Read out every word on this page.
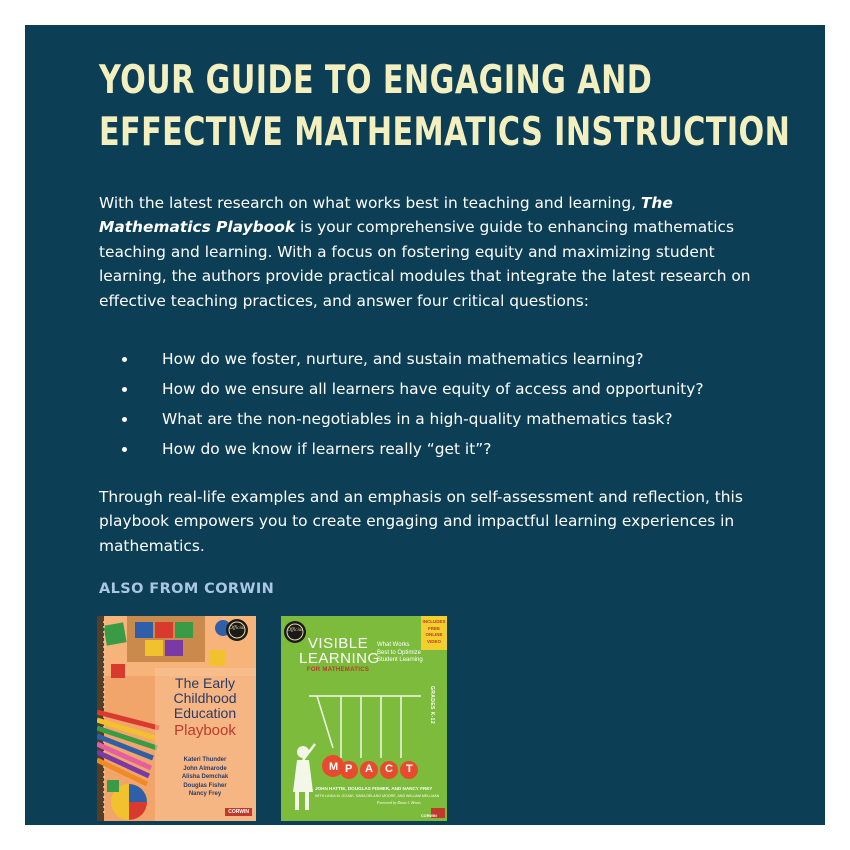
YOUR GUIDE TO ENGAGING AND
EFFECTIVE MATHEMATICS INSTRUCTION

With the latest research on what works best in teaching and learning, The Mathematics Playbook is your comprehensive guide to enhancing mathematics teaching and learning. With a focus on fostering equity and maximizing student learning, the authors provide practical modules that integrate the latest research on effective teaching practices, and answer four critical questions:

How do we foster, nurture, and sustain mathematics learning?
How do we ensure all learners have equity of access and opportunity?
What are the non-negotiables in a high-quality mathematics task?
How do we know if learners really “get it”?

Through real-life examples and an emphasis on self-assessment and reflection, this playbook empowers you to create engaging and impactful learning experiences in mathematics.

ALSO FROM CORWIN
The Early
Childhood
Education
Playbook
Kateri Thunder
John Almarode
Alisha Demchak
Douglas Fisher
Nancy Frey
CORWIN
Official
VISIBLE
LEARNING
FOR MATHEMATICS
What Works
Best to Optimize
Student Learning
INCLUDES
FREE
ONLINE
VIDEO
GRADES K-12
M P A C T
JOHN HATTIE, DOUGLAS FISHER, AND NANCY FREY
WITH LINDA M. GOJAK, SARA DELANO MOORE, AND WILLIAM MELLMAN
Foreword by Diane J. Briars
CORWIN
Official
